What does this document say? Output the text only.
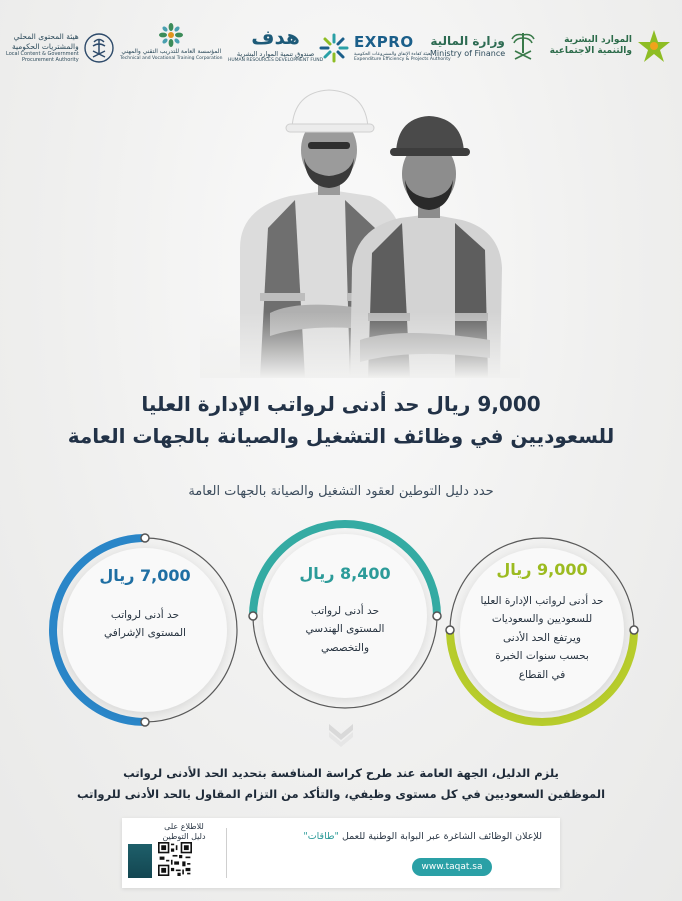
الموارد البشرية
والتنمية الاجتماعية
وزارة المالية
Ministry of Finance
EXPRO
هيئة كفاءة الإنفاق والمشروعات الحكومية
Expenditure Efficiency & Projects Authority
هدف
صندوق تنمية الموارد البشرية
HUMAN RESOURCES DEVELOPMENT FUND
المؤسسة العامة للتدريب التقني والمهني
Technical and Vocational Training Corporation
هيئة المحتوى المحلي
والمشتريات الحكومية
Local Content & Government
Procurement Authority
9,000 ريال حد أدنى لرواتب الإدارة العليا
للسعوديين في وظائف التشغيل والصيانة بالجهات العامة
حدد دليل التوطين لعقود التشغيل والصيانة بالجهات العامة
9,000 ريال
حد أدنى لرواتب الإدارة العليا
للسعوديين والسعوديات
ويرتفع الحد الأدنى
بحسب سنوات الخبرة
في القطاع
8,400 ريال
حد أدنى لرواتب
المستوى الهندسي
والتخصصي
7,000 ريال
حد أدنى لرواتب
المستوى الإشرافي
يلزم الدليل، الجهة العامة عند طرح كراسة المنافسة بتحديد الحد الأدنى لرواتب
الموظفين السعوديين في كل مستوى وظيفي، والتأكد من التزام المقاول بالحد الأدنى للرواتب
للإعلان الوظائف الشاغرة عبر البوابة الوطنية للعمل "طاقات"
www.taqat.sa
للاطلاع على
دليل التوطين
